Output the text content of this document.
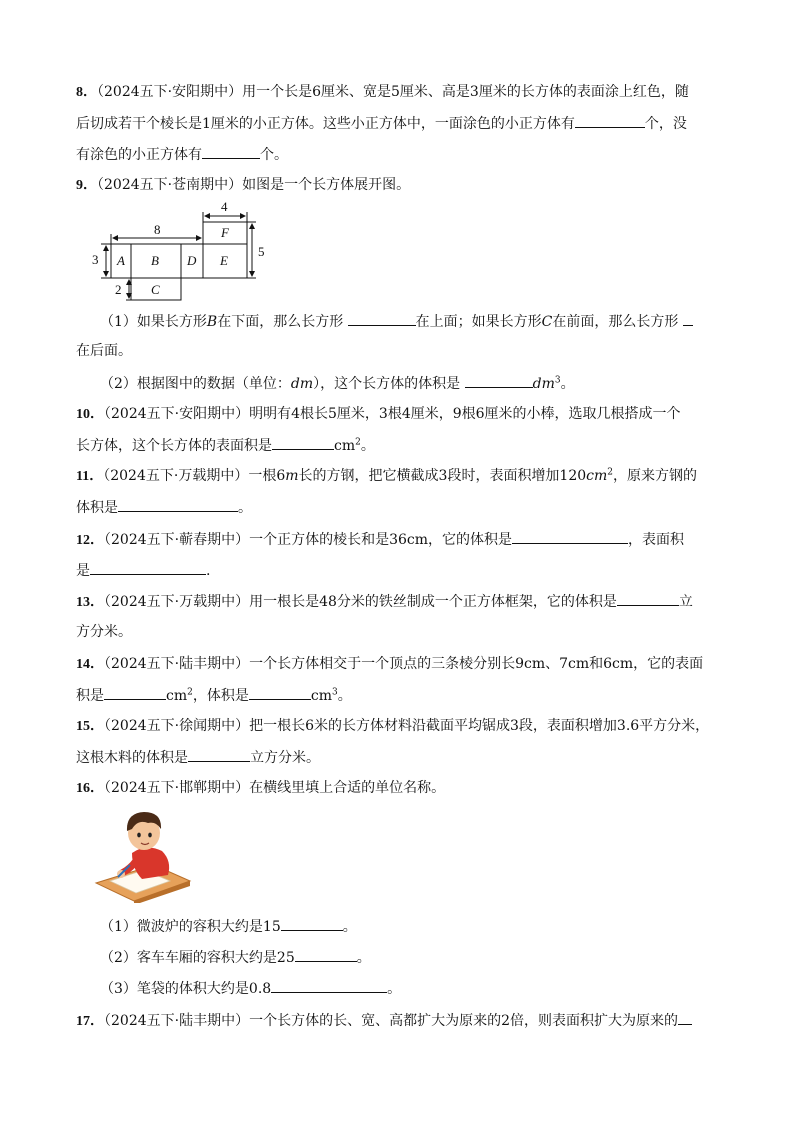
8．（2024五下·安阳期中）用一个长是6厘米、宽是5厘米、高是3厘米的长方体的表面涂上红色，随
后切成若干个棱长是1厘米的小正方体。这些小正方体中，一面涂色的小正方体有	个，没
有涂色的小正方体有	个。
9．（2024五下·苍南期中）如图是一个长方体展开图。
4
8
3
5
2
A B D E
F
C
（1）如果长方形B在下面，那么长方形	在上面；如果长方形C在前面，那么长方形
在后面。
（2）根据图中的数据（单位：dm），这个长方体的体积是	$dm^3$。
10．（2024五下·安阳期中）明明有4根长5厘米，3根4厘米，9根6厘米的小棒，选取几根搭成一个
长方体，这个长方体的表面积是	$cm^2$。
11．（2024五下·万载期中）一根6m长的方钢，把它横截成3段时，表面积增加$120cm^2$，原来方钢的
体积是	。
12．（2024五下·蕲春期中）一个正方体的棱长和是36cm，它的体积是	，表面积
是	.
13．（2024五下·万载期中）用一根长是48分米的铁丝制成一个正方体框架，它的体积是	立
方分米。
14．（2024五下·陆丰期中）一个长方体相交于一个顶点的三条棱分别长9cm、7cm和6cm，它的表面
积是	$cm^2$，体积是	$cm^3$。
15．（2024五下·徐闻期中）把一根长6米的长方体材料沿截面平均锯成3段，表面积增加3.6平方分米，
这根木料的体积是	立方分米。
16．（2024五下·邯郸期中）在横线里填上合适的单位名称。
（1）微波炉的容积大约是15	。
（2）客车车厢的容积大约是25	。
（3）笔袋的体积大约是0.8	。
17．（2024五下·陆丰期中）一个长方体的长、宽、高都扩大为原来的2倍，则表面积扩大为原来的
